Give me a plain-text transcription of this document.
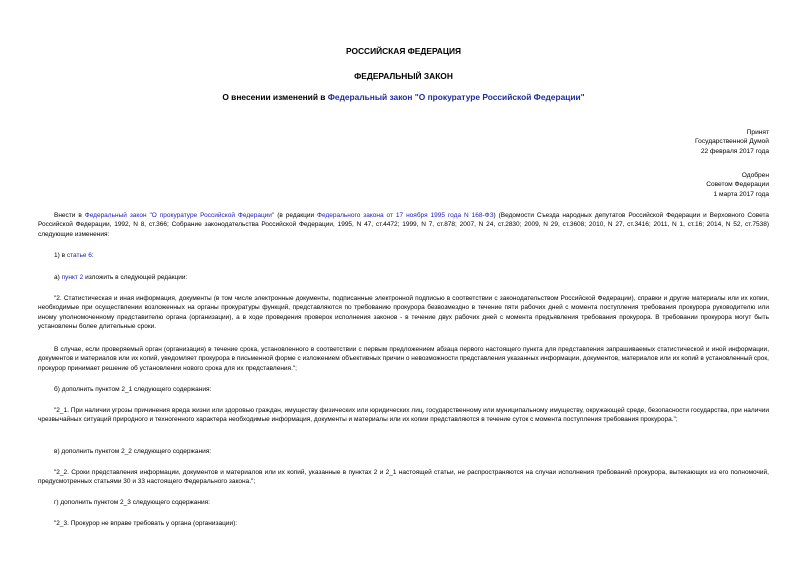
РОССИЙСКАЯ ФЕДЕРАЦИЯ
ФЕДЕРАЛЬНЫЙ ЗАКОН
О внесении изменений в Федеральный закон "О прокуратуре Российской Федерации"
Принят
Государственной Думой
22 февраля 2017 года
Одобрен
Советом Федерации
1 марта 2017 года
Внести в Федеральный закон "О прокуратуре Российской Федерации" (в редакции Федерального закона от 17 ноября 1995 года N 168-ФЗ) (Ведомости Съезда народных депутатов Российской Федерации и Верховного Совета Российской Федерации, 1992, N 8, ст.366; Собрание законодательства Российской Федерации, 1995, N 47, ст.4472; 1999, N 7, ст.878; 2007, N 24, ст.2830; 2009, N 29, ст.3608; 2010, N 27, ст.3416; 2011, N 1, ст.16; 2014, N 52, ст.7538) следующие изменения:
1) в статье 6:
а) пункт 2 изложить в следующей редакции:
"2. Статистическая и иная информация, документы (в том числе электронные документы, подписанные электронной подписью в соответствии с законодательством Российской Федерации), справки и другие материалы или их копии, необходимые при осуществлении возложенных на органы прокуратуры функций, представляются по требованию прокурора безвозмездно в течение пяти рабочих дней с момента поступления требования прокурора руководителю или иному уполномоченному представителю органа (организации), а в ходе проведения проверок исполнения законов - в течение двух рабочих дней с момента предъявления требования прокурора. В требовании прокурора могут быть установлены более длительные сроки.
В случае, если проверяемый орган (организация) в течение срока, установленного в соответствии с первым предложением абзаца первого настоящего пункта для представления запрашиваемых статистической и иной информации, документов и материалов или их копий, уведомляет прокурора в письменной форме с изложением объективных причин о невозможности представления указанных информации, документов, материалов или их копий в установленный срок, прокурор принимает решение об установлении нового срока для их представления.";
б) дополнить пунктом 2_1 следующего содержания:
"2_1. При наличии угрозы причинения вреда жизни или здоровью граждан, имуществу физических или юридических лиц, государственному или муниципальному имуществу, окружающей среде, безопасности государства, при наличии чрезвычайных ситуаций природного и техногенного характера необходимые информация, документы и материалы или их копии представляются в течение суток с момента поступления требования прокурора.";
в) дополнить пунктом 2_2 следующего содержания:
"2_2. Сроки представления информации, документов и материалов или их копий, указанные в пунктах 2 и 2_1 настоящей статьи, не распространяются на случаи исполнения требований прокурора, вытекающих из его полномочий, предусмотренных статьями 30 и 33 настоящего Федерального закона.";
г) дополнить пунктом 2_3 следующего содержания:
"2_3. Прокурор не вправе требовать у органа (организации):
